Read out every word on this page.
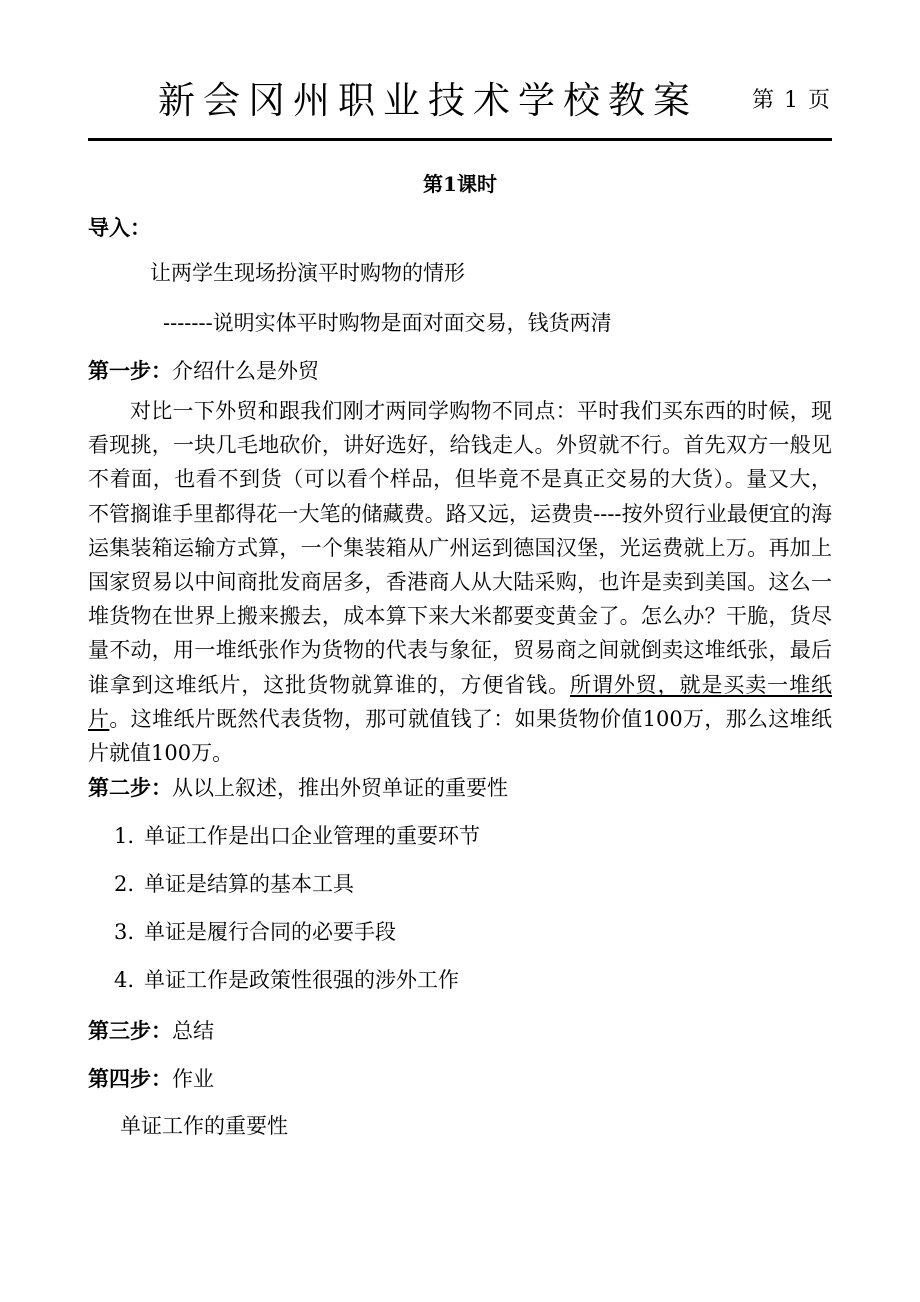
新会冈州职业技术学校教案 第 1 页
第1课时
导入：
让两学生现场扮演平时购物的情形
-------说明实体平时购物是面对面交易，钱货两清
第一步：介绍什么是外贸
对比一下外贸和跟我们刚才两同学购物不同点：平时我们买东西的时候，现看现挑，一块几毛地砍价，讲好选好，给钱走人。外贸就不行。首先双方一般见不着面，也看不到货（可以看个样品，但毕竟不是真正交易的大货）。量又大，不管搁谁手里都得花一大笔的储藏费。路又远，运费贵----按外贸行业最便宜的海运集装箱运输方式算，一个集装箱从广州运到德国汉堡，光运费就上万。再加上国家贸易以中间商批发商居多，香港商人从大陆采购，也许是卖到美国。这么一堆货物在世界上搬来搬去，成本算下来大米都要变黄金了。怎么办？干脆，货尽量不动，用一堆纸张作为货物的代表与象征，贸易商之间就倒卖这堆纸张，最后谁拿到这堆纸片，这批货物就算谁的，方便省钱。所谓外贸，就是买卖一堆纸片。这堆纸片既然代表货物，那可就值钱了：如果货物价值100万，那么这堆纸片就值100万。
第二步：从以上叙述，推出外贸单证的重要性
1. 单证工作是出口企业管理的重要环节
2. 单证是结算的基本工具
3. 单证是履行合同的必要手段
4. 单证工作是政策性很强的涉外工作
第三步：总结
第四步：作业
单证工作的重要性
